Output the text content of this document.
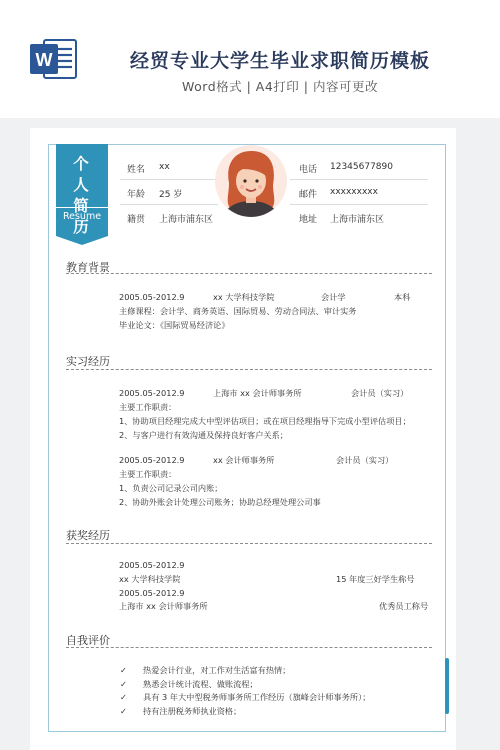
W	经贸专业大学生毕业求职简历模板
Word格式 | A4打印 | 内容可更改
个 人
简 历
Resume
姓名 xx
年龄 25 岁
籍贯 上海市浦东区
电话 12345677890
邮件 xxxxxxxxx
地址 上海市浦东区
教育背景
2005.05-2012.9	xx 大学科技学院	会计学	本科
主修课程：会计学、商务英语、国际贸易、劳动合同法、审计实务
毕业论文：《国际贸易经济论》
实习经历
2005.05-2012.9	上海市 xx 会计师事务所	会计员（实习）
主要工作职责：
1、协助项目经理完成大中型评估项目；或在项目经理指导下完成小型评估项目；
2、与客户进行有效沟通及保持良好客户关系；
2005.05-2012.9	xx 会计师事务所	会计员（实习）
主要工作职责：
1、负责公司记录公司内账；
2、协助外账会计处理公司账务；协助总经理处理公司事
获奖经历
2005.05-2012.9
xx 大学科技学院	15 年度三好学生称号
2005.05-2012.9
上海市 xx 会计师事务所	优秀员工称号
自我评价
✓ 热爱会计行业，对工作对生活富有热情；
✓ 熟悉会计统计流程、做账流程；
✓ 具有 3 年大中型税务师事务所工作经历（旗峰会计师事务所）；
✓ 持有注册税务师执业资格；
